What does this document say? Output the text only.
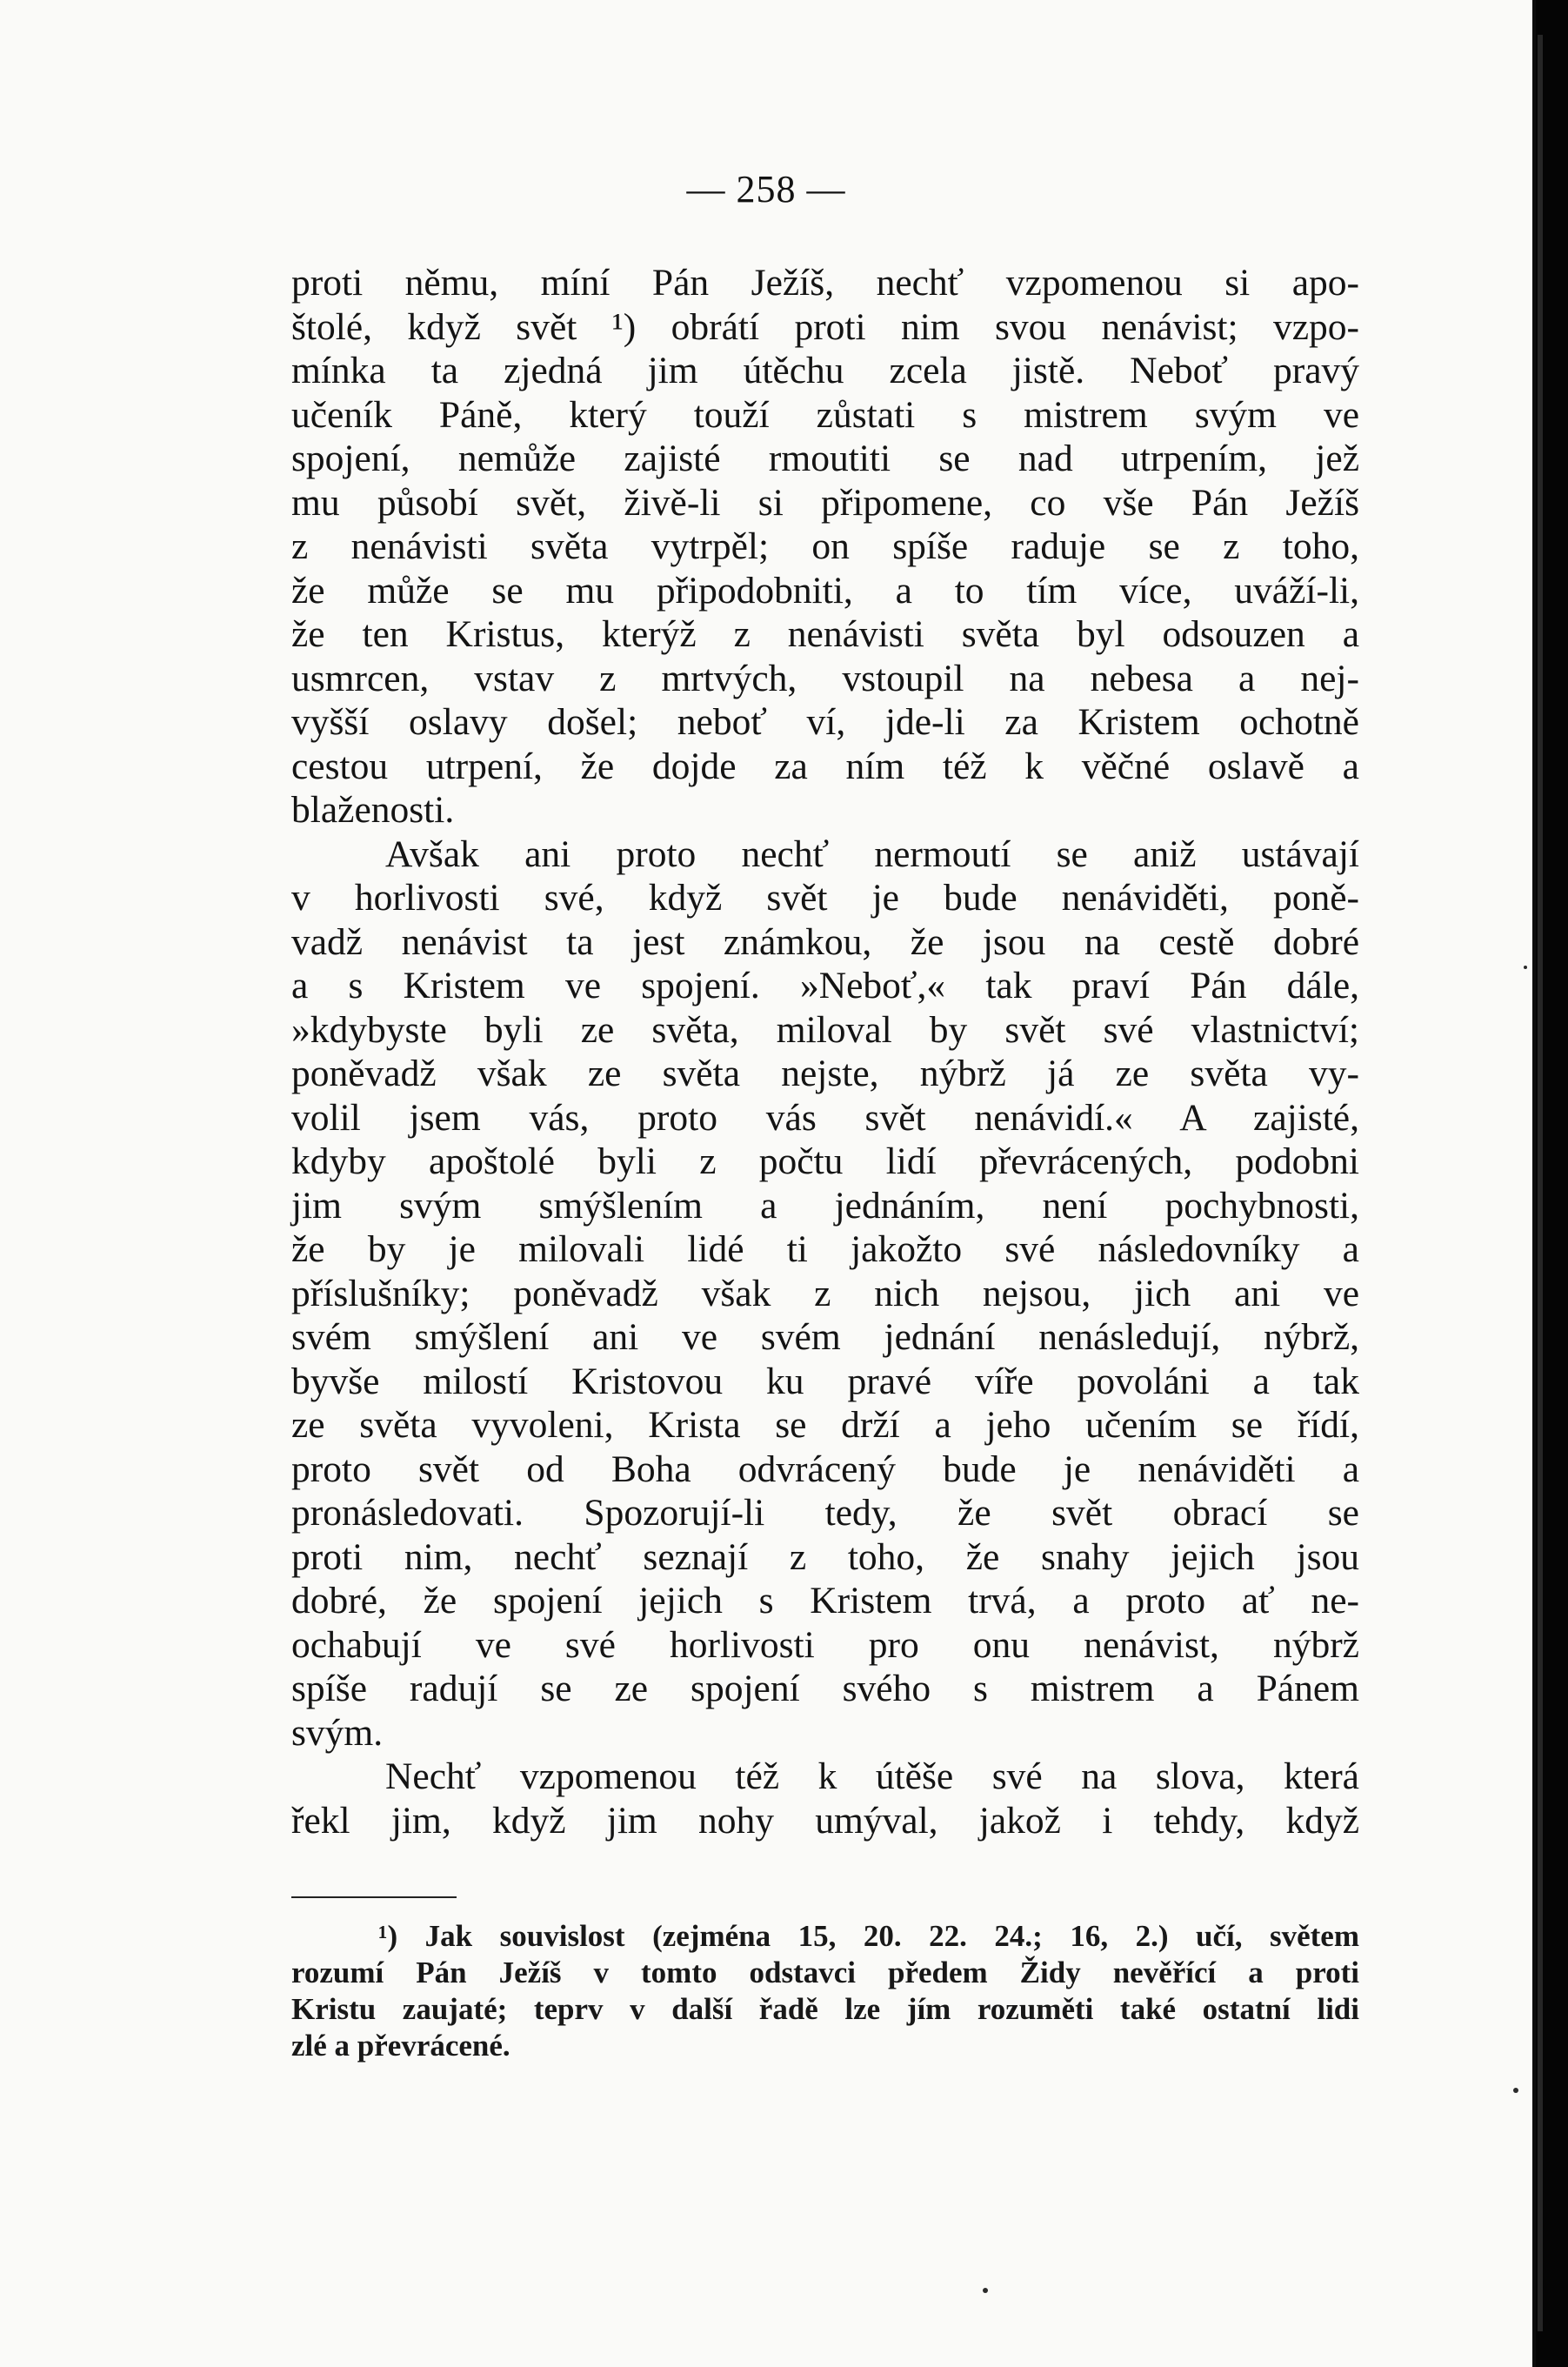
— 258 —
proti němu, míní Pán Ježíš, nechť vzpomenou si apo-
štolé, když svět ¹) obrátí proti nim svou nenávist; vzpo-
mínka ta zjedná jim útěchu zcela jistě. Neboť pravý
učeník Páně, který touží zůstati s mistrem svým ve
spojení, nemůže zajisté rmoutiti se nad utrpením, jež
mu působí svět, živě-li si připomene, co vše Pán Ježíš
z nenávisti světa vytrpěl; on spíše raduje se z toho,
že může se mu připodobniti, a to tím více, uváží-li,
že ten Kristus, kterýž z nenávisti světa byl odsouzen a
usmrcen, vstav z mrtvých, vstoupil na nebesa a nej-
vyšší oslavy došel; neboť ví, jde-li za Kristem ochotně
cestou utrpení, že dojde za ním též k věčné oslavě a
blaženosti.
Avšak ani proto nechť nermoutí se aniž ustávají
v horlivosti své, když svět je bude nenáviděti, poně-
vadž nenávist ta jest známkou, že jsou na cestě dobré
a s Kristem ve spojení. »Neboť,« tak praví Pán dále,
»kdybyste byli ze světa, miloval by svět své vlastnictví;
poněvadž však ze světa nejste, nýbrž já ze světa vy-
volil jsem vás, proto vás svět nenávidí.« A zajisté,
kdyby apoštolé byli z počtu lidí převrácených, podobni
jim svým smýšlením a jednáním, není pochybnosti,
že by je milovali lidé ti jakožto své následovníky a
příslušníky; poněvadž však z nich nejsou, jich ani ve
svém smýšlení ani ve svém jednání nenásledují, nýbrž,
byvše milostí Kristovou ku pravé víře povoláni a tak
ze světa vyvoleni, Krista se drží a jeho učením se řídí,
proto svět od Boha odvrácený bude je nenáviděti a
pronásledovati. Spozorují-li tedy, že svět obrací se
proti nim, nechť seznají z toho, že snahy jejich jsou
dobré, že spojení jejich s Kristem trvá, a proto ať ne-
ochabují ve své horlivosti pro onu nenávist, nýbrž
spíše radují se ze spojení svého s mistrem a Pánem
svým.
Nechť vzpomenou též k útěše své na slova, která
řekl jim, když jim nohy umýval, jakož i tehdy, když
¹) Jak souvislost (zejména 15, 20. 22. 24.; 16, 2.) učí, světem
rozumí Pán Ježíš v tomto odstavci předem Židy nevěřící a proti
Kristu zaujaté; teprv v další řadě lze jím rozuměti také ostatní lidi
zlé a převrácené.
